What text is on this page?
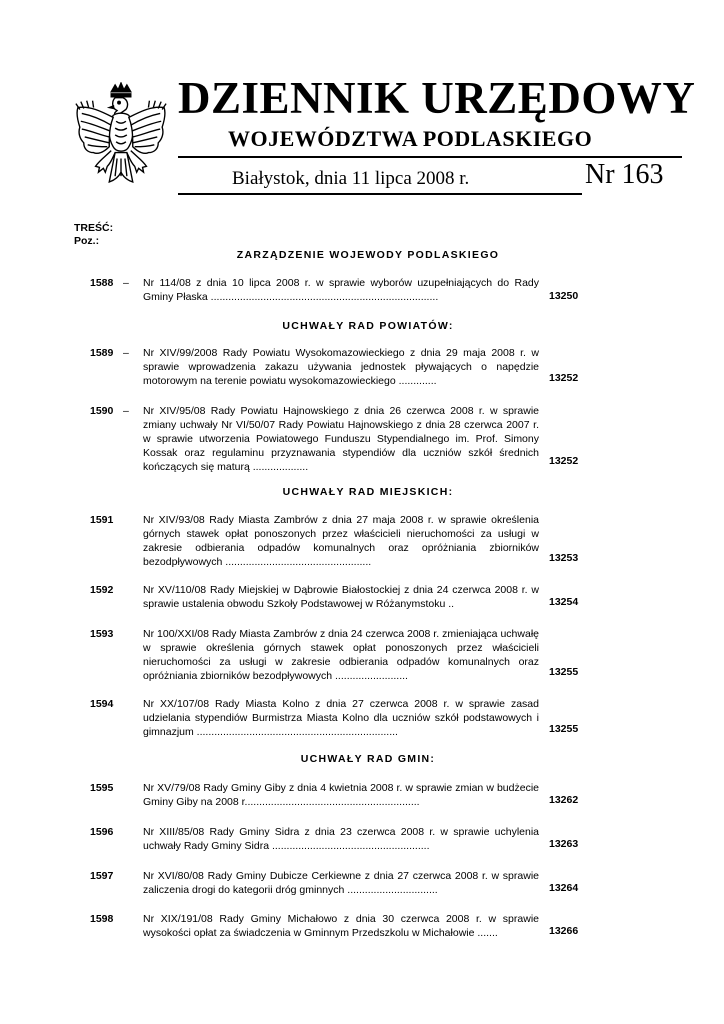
DZIENNIK URZĘDOWY
WOJEWÓDZTWA PODLASKIEGO
Białystok, dnia 11 lipca 2008 r.	Nr 163
TREŚĆ:
Poz.:
ZARZĄDZENIE WOJEWODY PODLASKIEGO
1588 – Nr 114/08 z dnia 10 lipca 2008 r. w sprawie wyborów uzupełniających do Rady Gminy Płaska ..............................................................................	13250
UCHWAŁY RAD POWIATÓW:
1589 – Nr XIV/99/2008 Rady Powiatu Wysokomazowieckiego z dnia 29 maja 2008 r. w sprawie wprowadzenia zakazu używania jednostek pływających o napędzie motorowym na terenie powiatu wysokomazowieckiego .............	13252
1590 – Nr XIV/95/08 Rady Powiatu Hajnowskiego z dnia 26 czerwca 2008 r. w sprawie zmiany uchwały Nr VI/50/07 Rady Powiatu Hajnowskiego z dnia 28 czerwca 2007 r. w sprawie utworzenia Powiatowego Funduszu Stypendialnego im. Prof. Simony Kossak oraz regulaminu przyznawania stypendiów dla uczniów szkół średnich kończących się maturą ...................	13252
UCHWAŁY RAD MIEJSKICH:
1591	Nr XIV/93/08 Rady Miasta Zambrów z dnia 27 maja 2008 r. w sprawie określenia górnych stawek opłat ponoszonych przez właścicieli nieruchomości za usługi w zakresie odbierania odpadów komunalnych oraz opróżniania zbiorników bezodpływowych ..................................................	13253
1592	Nr XV/110/08 Rady Miejskiej w Dąbrowie Białostockiej z dnia 24 czerwca 2008 r. w sprawie ustalenia obwodu Szkoły Podstawowej w Różanymstoku ..	13254
1593	Nr 100/XXI/08 Rady Miasta Zambrów z dnia 24 czerwca 2008 r. zmieniająca uchwałę w sprawie określenia górnych stawek opłat ponoszonych przez właścicieli nieruchomości za usługi w zakresie odbierania odpadów komunalnych oraz opróżniania zbiorników bezodpływowych .........................	13255
1594	Nr XX/107/08 Rady Miasta Kolno z dnia 27 czerwca 2008 r. w sprawie zasad udzielania stypendiów Burmistrza Miasta Kolno dla uczniów szkół podstawowych i gimnazjum .....................................................................	13255
UCHWAŁY RAD GMIN:
1595	Nr XV/79/08 Rady Gminy Giby z dnia 4 kwietnia 2008 r. w sprawie zmian w budżecie Gminy Giby na 2008 r............................................................	13262
1596	Nr XIII/85/08 Rady Gminy Sidra z dnia 23 czerwca 2008 r. w sprawie uchylenia uchwały Rady Gminy Sidra ......................................................	13263
1597	Nr XVI/80/08 Rady Gminy Dubicze Cerkiewne z dnia 27 czerwca 2008 r. w sprawie zaliczenia drogi do kategorii dróg gminnych ...............................	13264
1598	Nr XIX/191/08 Rady Gminy Michałowo z dnia 30 czerwca 2008 r. w sprawie wysokości opłat za świadczenia w Gminnym Przedszkolu w Michałowie .......	13266
